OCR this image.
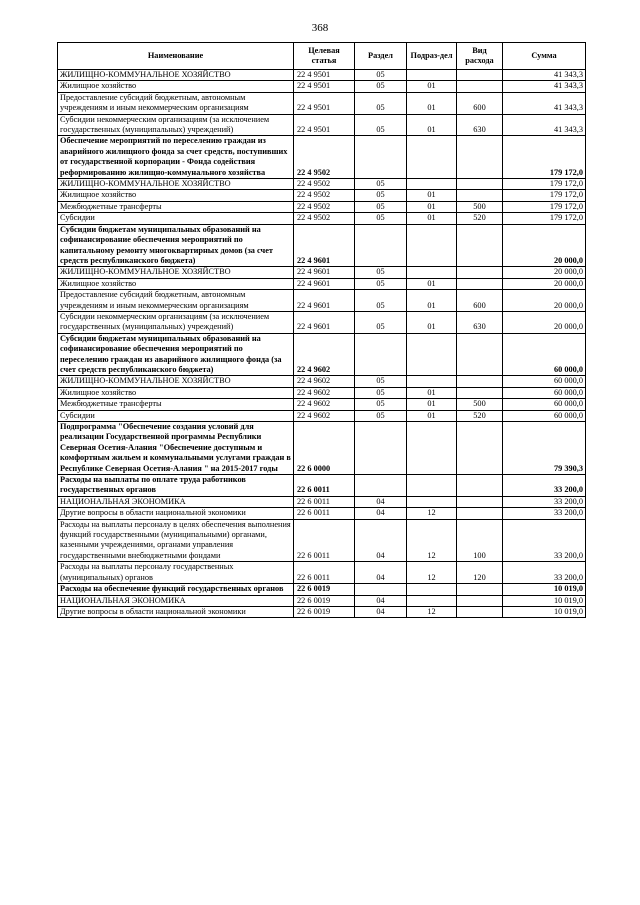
368
Наименование	Целевая статья	Раздел	Подраз-дел	Вид расхода	Сумма
ЖИЛИЩНО-КОММУНАЛЬНОЕ ХОЗЯЙСТВО	22 4 9501	05			41 343,3
Жилищное хозяйство	22 4 9501	05	01		41 343,3
Предоставление субсидий бюджетным, автономным учреждениям и иным некоммерческим организациям	22 4 9501	05	01	600	41 343,3
Субсидии некоммерческим организациям (за исключением государственных (муниципальных) учреждений)	22 4 9501	05	01	630	41 343,3
Обеспечение мероприятий по переселению граждан из аварийного жилищного фонда за счет средств, поступивших от государственной корпорации - Фонда содействия реформированию жилищно-коммунального хозяйства	22 4 9502				179 172,0
ЖИЛИЩНО-КОММУНАЛЬНОЕ ХОЗЯЙСТВО	22 4 9502	05			179 172,0
Жилищное хозяйство	22 4 9502	05	01		179 172,0
Межбюджетные трансферты	22 4 9502	05	01	500	179 172,0
Субсидии	22 4 9502	05	01	520	179 172,0
Субсидии бюджетам муниципальных образований на софинансирование обеспечения мероприятий по капитальному ремонту многоквартирных домов (за счет средств республиканского бюджета)	22 4 9601				20 000,0
ЖИЛИЩНО-КОММУНАЛЬНОЕ ХОЗЯЙСТВО	22 4 9601	05			20 000,0
Жилищное хозяйство	22 4 9601	05	01		20 000,0
Предоставление субсидий бюджетным, автономным учреждениям и иным некоммерческим организациям	22 4 9601	05	01	600	20 000,0
Субсидии некоммерческим организациям (за исключением государственных (муниципальных) учреждений)	22 4 9601	05	01	630	20 000,0
Субсидии бюджетам муниципальных образований на софинансирование обеспечения мероприятий по переселению граждан из аварийного жилищного фонда (за счет средств республиканского бюджета)	22 4 9602				60 000,0
ЖИЛИЩНО-КОММУНАЛЬНОЕ ХОЗЯЙСТВО	22 4 9602	05			60 000,0
Жилищное хозяйство	22 4 9602	05	01		60 000,0
Межбюджетные трансферты	22 4 9602	05	01	500	60 000,0
Субсидии	22 4 9602	05	01	520	60 000,0
Подпрограмма "Обеспечение создания условий для реализации Государственной программы Республики Северная Осетия-Алания "Обеспечение доступным и комфортным жильем и коммунальными услугами граждан в Республике Северная Осетия-Алания " на 2015-2017 годы	22 6 0000				79 390,3
Расходы на выплаты по оплате труда работников государственных органов	22 6 0011				33 200,0
НАЦИОНАЛЬНАЯ ЭКОНОМИКА	22 6 0011	04			33 200,0
Другие вопросы в области национальной экономики	22 6 0011	04	12		33 200,0
Расходы на выплаты персоналу в целях обеспечения выполнения функций государственными (муниципальными) органами, казенными учреждениями, органами управления государственными внебюджетными фондами	22 6 0011	04	12	100	33 200,0
Расходы на выплаты персоналу государственных (муниципальных) органов	22 6 0011	04	12	120	33 200,0
Расходы на обеспечение функций государственных органов	22 6 0019				10 019,0
НАЦИОНАЛЬНАЯ ЭКОНОМИКА	22 6 0019	04			10 019,0
Другие вопросы в области национальной экономики	22 6 0019	04	12		10 019,0
